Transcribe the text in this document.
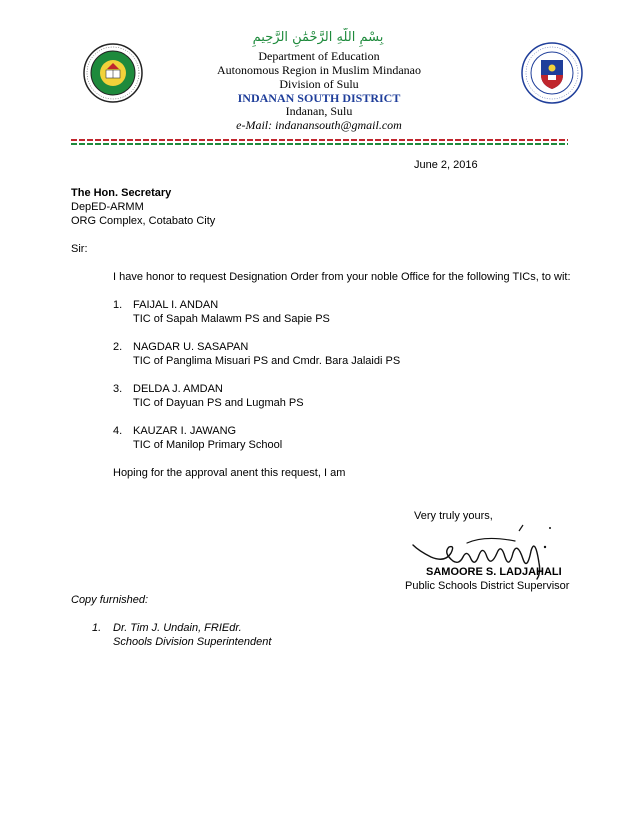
بِسْمِ اللَّهِ الرَّحْمَٰنِ الرَّحِيمِ
Department of Education
Autonomous Region in Muslim Mindanao
Division of Sulu
INDANAN SOUTH DISTRICT
Indanan, Sulu
e-Mail: indanansouth@gmail.com
June 2, 2016
The Hon. Secretary
DepED-ARMM
ORG Complex, Cotabato City
Sir:
I have honor to request Designation Order from your noble Office for the following TICs, to wit:
1. FAIJAL I. ANDAN
TIC of Sapah Malawm PS and Sapie PS
2. NAGDAR U. SASAPAN
TIC of Panglima Misuari PS and Cmdr. Bara Jalaidi PS
3. DELDA J. AMDAN
TIC of Dayuan PS and Lugmah PS
4. KAUZAR I. JAWANG
TIC of Manilop Primary School
Hoping for the approval anent this request, I am
Very truly yours,
SAMOORE S. LADJAHALI
Public Schools District Supervisor
Copy furnished:
1. Dr. Tim J. Undain, FRIEdr.
Schools Division Superintendent
